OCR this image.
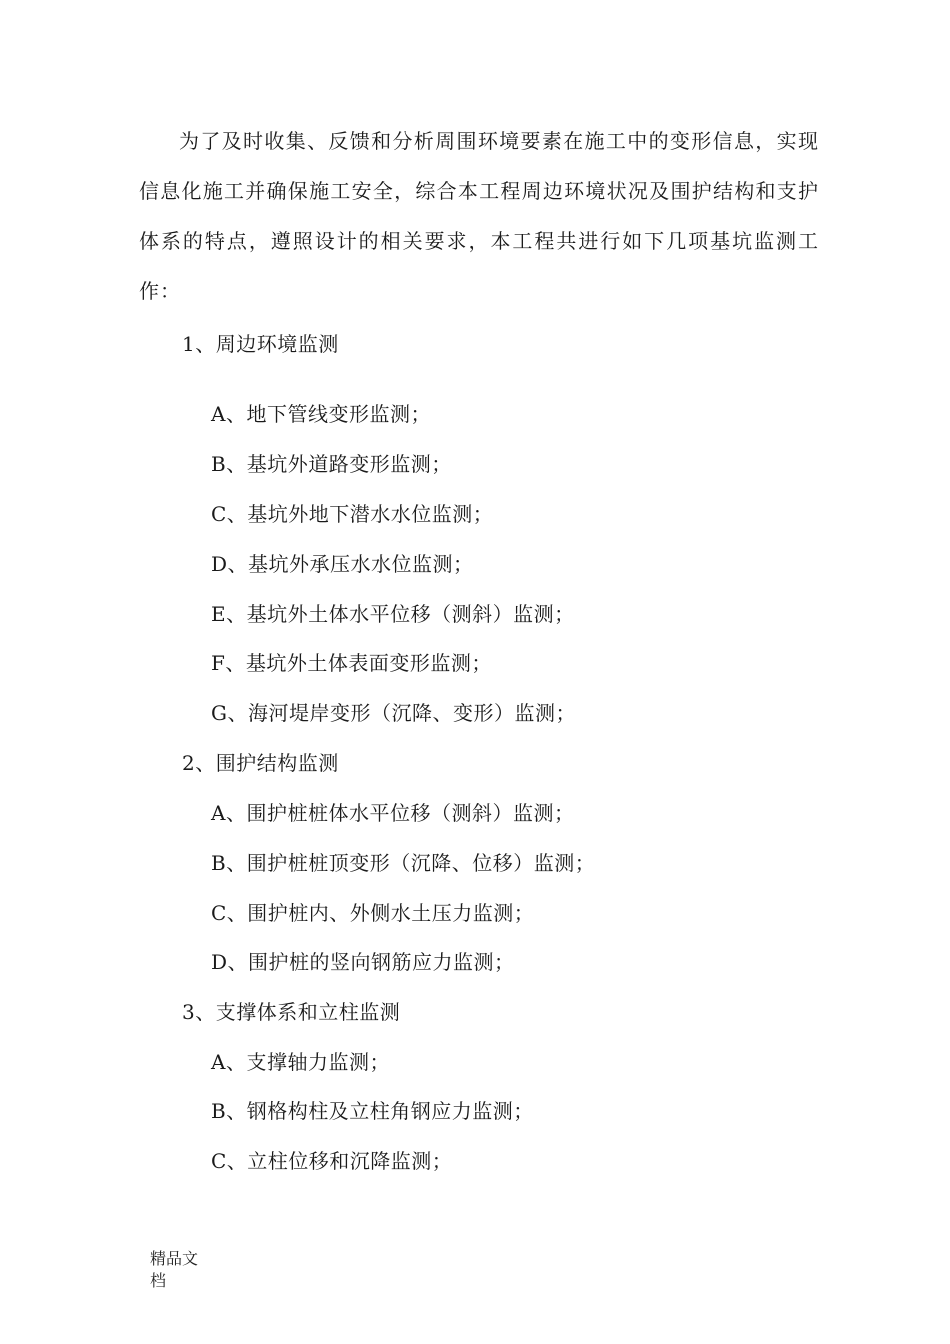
为了及时收集、反馈和分析周围环境要素在施工中的变形信息，实现信息化施工并确保施工安全，综合本工程周边环境状况及围护结构和支护体系的特点，遵照设计的相关要求，本工程共进行如下几项基坑监测工作：

1、周边环境监测
A、地下管线变形监测；
B、基坑外道路变形监测；
C、基坑外地下潜水水位监测；
D、基坑外承压水水位监测；
E、基坑外土体水平位移（测斜）监测；
F、基坑外土体表面变形监测；
G、海河堤岸变形（沉降、变形）监测；
2、围护结构监测
A、围护桩桩体水平位移（测斜）监测；
B、围护桩桩顶变形（沉降、位移）监测；
C、围护桩内、外侧水土压力监测；
D、围护桩的竖向钢筋应力监测；
3、支撑体系和立柱监测
A、支撑轴力监测；
B、钢格构柱及立柱角钢应力监测；
C、立柱位移和沉降监测；
精品文
档
